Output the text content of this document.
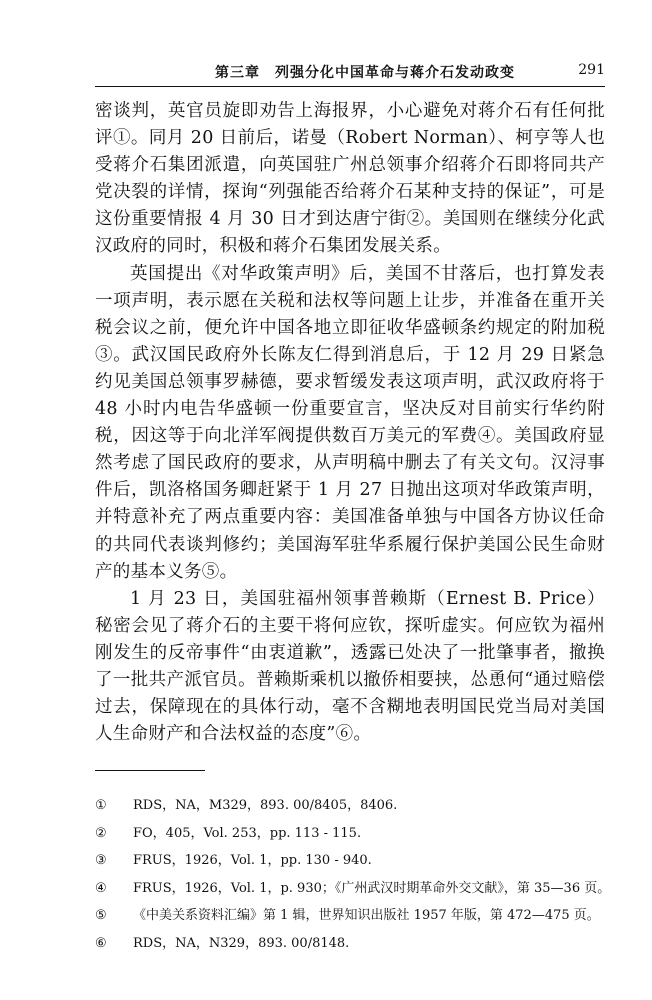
第三章　列强分化中国革命与蒋介石发动政变	291

密谈判，英官员旋即劝告上海报界，小心避免对蒋介石有任何批评①。同月 20 日前后，诺曼（Robert Norman）、柯亨等人也受蒋介石集团派遣，向英国驻广州总领事介绍蒋介石即将同共产党决裂的详情，探询“列强能否给蒋介石某种支持的保证”，可是这份重要情报 4 月 30 日才到达唐宁街②。美国则在继续分化武汉政府的同时，积极和蒋介石集团发展关系。

英国提出《对华政策声明》后，美国不甘落后，也打算发表一项声明，表示愿在关税和法权等问题上让步，并准备在重开关税会议之前，便允许中国各地立即征收华盛顿条约规定的附加税③。武汉国民政府外长陈友仁得到消息后，于 12 月 29 日紧急约见美国总领事罗赫德，要求暂缓发表这项声明，武汉政府将于 48 小时内电告华盛顿一份重要宣言，坚决反对目前实行华约附税，因这等于向北洋军阀提供数百万美元的军费④。美国政府显然考虑了国民政府的要求，从声明稿中删去了有关文句。汉浔事件后，凯洛格国务卿赶紧于 1 月 27 日抛出这项对华政策声明，并特意补充了两点重要内容：美国准备单独与中国各方协议任命的共同代表谈判修约；美国海军驻华系履行保护美国公民生命财产的基本义务⑤。

1 月 23 日，美国驻福州领事普赖斯（Ernest B. Price）秘密会见了蒋介石的主要干将何应钦，探听虚实。何应钦为福州刚发生的反帝事件“由衷道歉”，透露已处决了一批肇事者，撤换了一批共产派官员。普赖斯乘机以撤侨相要挟，怂恿何“通过赔偿过去，保障现在的具体行动，毫不含糊地表明国民党当局对美国人生命财产和合法权益的态度”⑥。

①	RDS，NA，M329，893. 00/8405，8406.
②	FO，405，Vol. 253，pp. 113 - 115.
③	FRUS，1926，Vol. 1，pp. 130 - 940.
④	FRUS，1926，Vol. 1，p. 930；《广州武汉时期革命外交文献》，第 35—36 页。
⑤	《中美关系资料汇编》第 1 辑，世界知识出版社 1957 年版，第 472—475 页。
⑥	RDS，NA，N329，893. 00/8148.
